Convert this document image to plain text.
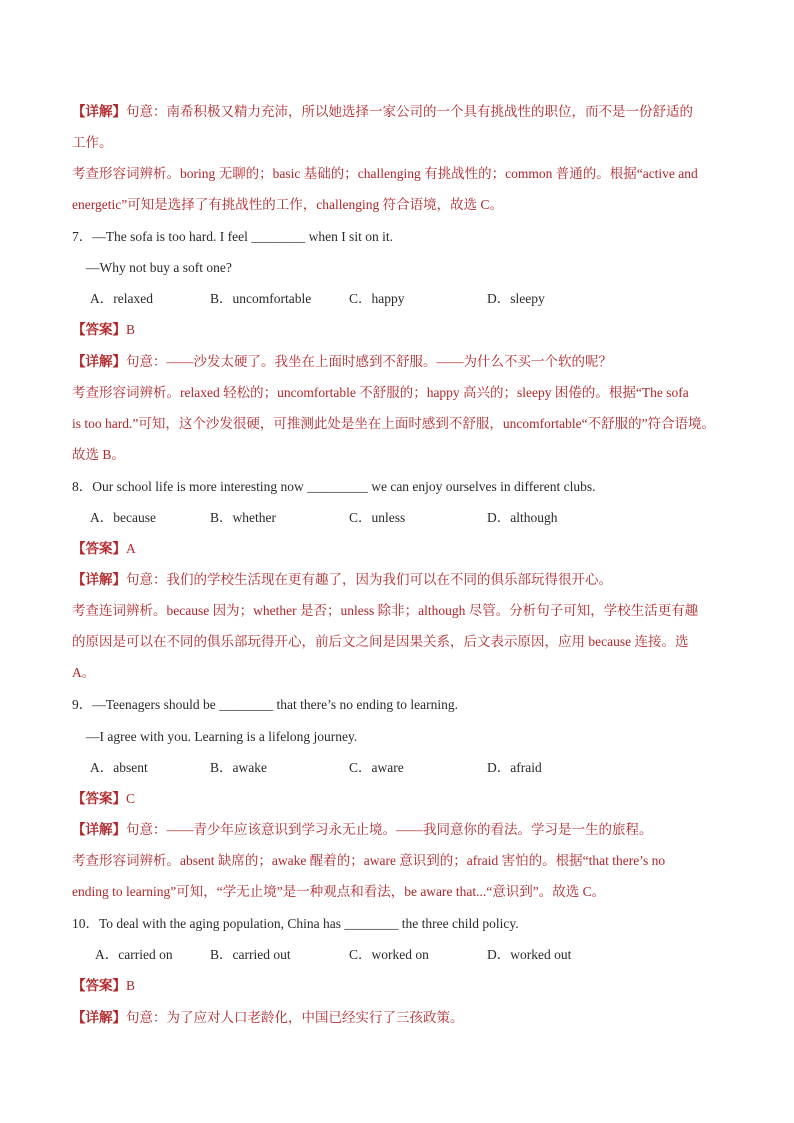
【详解】句意：南希积极又精力充沛，所以她选择一家公司的一个具有挑战性的职位，而不是一份舒适的
工作。
考查形容词辨析。boring 无聊的；basic 基础的；challenging 有挑战性的；common 普通的。根据“active and
energetic”可知是选择了有挑战性的工作，challenging 符合语境，故选 C。
7．—The sofa is too hard. I feel ________ when I sit on it.
—Why not buy a soft one?
A．relaxed	B．uncomfortable	C．happy	D．sleepy
【答案】B
【详解】句意：——沙发太硬了。我坐在上面时感到不舒服。——为什么不买一个软的呢？
考查形容词辨析。relaxed 轻松的；uncomfortable 不舒服的；happy 高兴的；sleepy 困倦的。根据“The sofa
is too hard.”可知，这个沙发很硬，可推测此处是坐在上面时感到不舒服，uncomfortable“不舒服的”符合语境。
故选 B。
8．Our school life is more interesting now _________ we can enjoy ourselves in different clubs.
A．because	B．whether	C．unless	D．although
【答案】A
【详解】句意：我们的学校生活现在更有趣了，因为我们可以在不同的俱乐部玩得很开心。
考查连词辨析。because 因为；whether 是否；unless 除非；although 尽管。分析句子可知，学校生活更有趣
的原因是可以在不同的俱乐部玩得开心，前后文之间是因果关系，后文表示原因，应用 because 连接。选
A。
9．—Teenagers should be ________ that there’s no ending to learning.
—I agree with you. Learning is a lifelong journey.
A．absent	B．awake	C．aware	D．afraid
【答案】C
【详解】句意：——青少年应该意识到学习永无止境。——我同意你的看法。学习是一生的旅程。
考查形容词辨析。absent 缺席的；awake 醒着的；aware 意识到的；afraid 害怕的。根据“that there’s no
ending to learning”可知，“学无止境”是一种观点和看法，be aware that...“意识到”。故选 C。
10．To deal with the aging population, China has ________ the three child policy.
A．carried on	B．carried out	C．worked on	D．worked out
【答案】B
【详解】句意：为了应对人口老龄化，中国已经实行了三孩政策。
